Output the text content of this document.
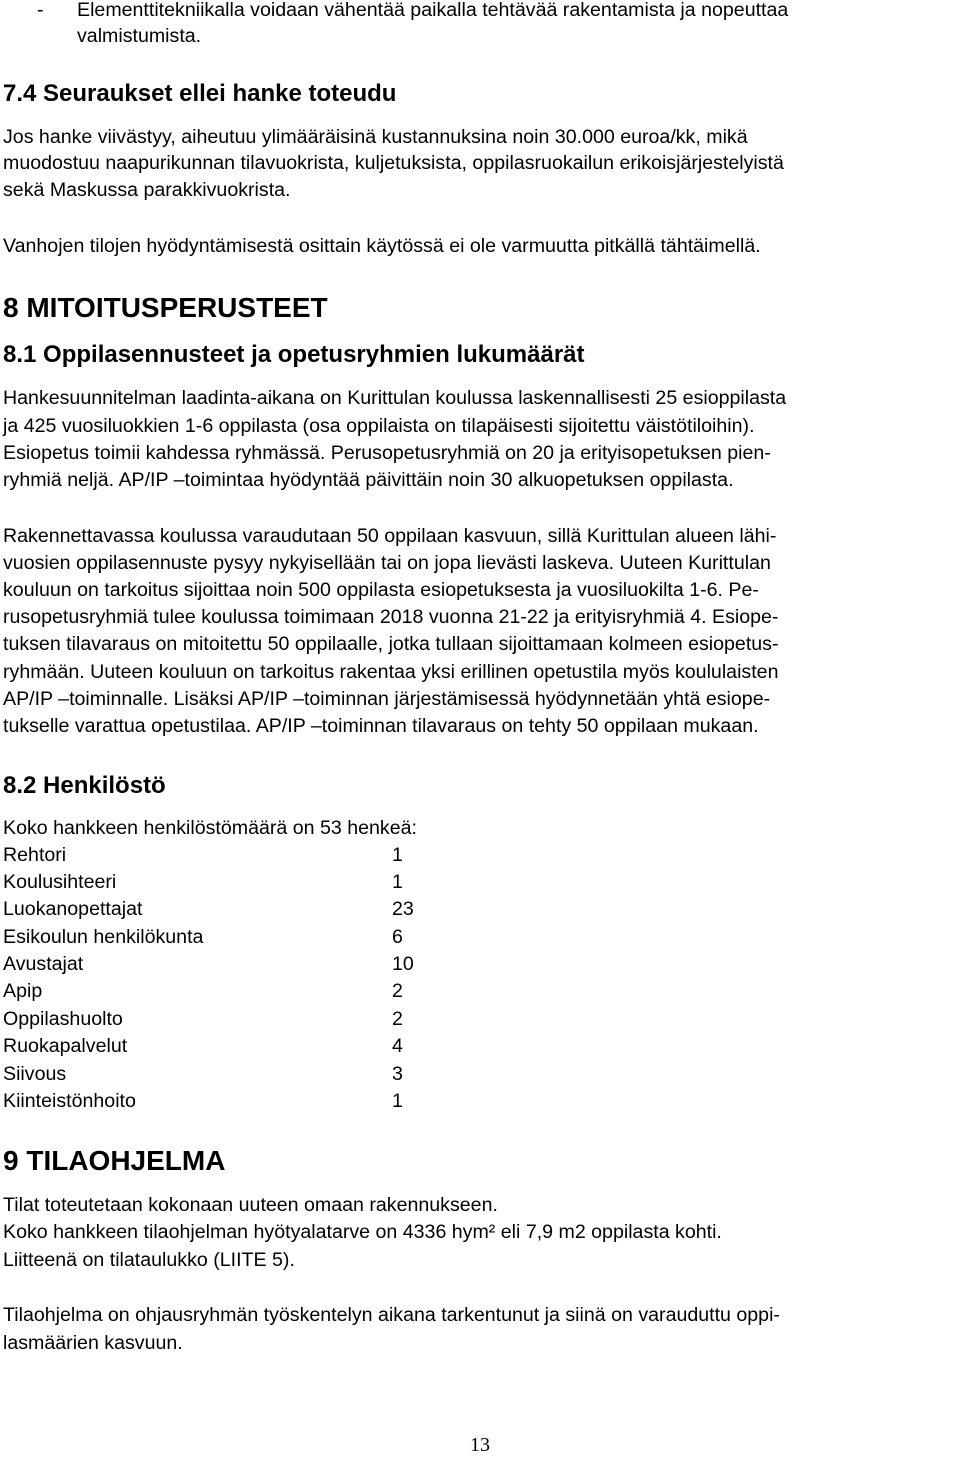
- Elementtitekniikalla voidaan vähentää paikalla tehtävää rakentamista ja nopeuttaa
valmistumista.
7.4 Seuraukset ellei hanke toteudu
Jos hanke viivästyy, aiheutuu ylimääräisinä kustannuksina noin 30.000 euroa/kk, mikä
muodostuu naapurikunnan tilavuokrista, kuljetuksista, oppilasruokailun erikoisjärjestelyistä
sekä Maskussa parakkivuokrista.
Vanhojen tilojen hyödyntämisestä osittain käytössä ei ole varmuutta pitkällä tähtäimellä.
8 MITOITUSPERUSTEET
8.1 Oppilasennusteet ja opetusryhmien lukumäärät
Hankesuunnitelman laadinta-aikana on Kurittulan koulussa laskennallisesti 25 esioppilasta
ja 425 vuosiluokkien 1-6 oppilasta (osa oppilaista on tilapäisesti sijoitettu väistötiloihin).
Esiopetus toimii kahdessa ryhmässä. Perusopetusryhmiä on 20 ja erityisopetuksen pien-
ryhmiä neljä. AP/IP –toimintaa hyödyntää päivittäin noin 30 alkuopetuksen oppilasta.
Rakennettavassa koulussa varaudutaan 50 oppilaan kasvuun, sillä Kurittulan alueen lähi-
vuosien oppilasennuste pysyy nykyisellään tai on jopa lievästi laskeva. Uuteen Kurittulan
kouluun on tarkoitus sijoittaa noin 500 oppilasta esiopetuksesta ja vuosiluokilta 1-6. Pe-
rusopetusryhmiä tulee koulussa toimimaan 2018 vuonna 21-22 ja erityisryhmiä 4. Esiope-
tuksen tilavaraus on mitoitettu 50 oppilaalle, jotka tullaan sijoittamaan kolmeen esiopetus-
ryhmään. Uuteen kouluun on tarkoitus rakentaa yksi erillinen opetustila myös koululaisten
AP/IP –toiminnalle. Lisäksi AP/IP –toiminnan järjestämisessä hyödynnetään yhtä esiope-
tukselle varattua opetustilaa. AP/IP –toiminnan tilavaraus on tehty 50 oppilaan mukaan.
8.2 Henkilöstö
Koko hankkeen henkilöstömäärä on 53 henkeä:
Rehtori	1
Koulusihteeri	1
Luokanopettajat	23
Esikoulun henkilökunta	6
Avustajat	10
Apip	2
Oppilashuolto	2
Ruokapalvelut	4
Siivous	3
Kiinteistönhoito	1
9 TILAOHJELMA
Tilat toteutetaan kokonaan uuteen omaan rakennukseen.
Koko hankkeen tilaohjelman hyötyalatarve on 4336 hym² eli 7,9 m2 oppilasta kohti.
Liitteenä on tilataulukko (LIITE 5).
Tilaohjelma on ohjausryhmän työskentelyn aikana tarkentunut ja siinä on varauduttu oppi-
lasmäärien kasvuun.
13
